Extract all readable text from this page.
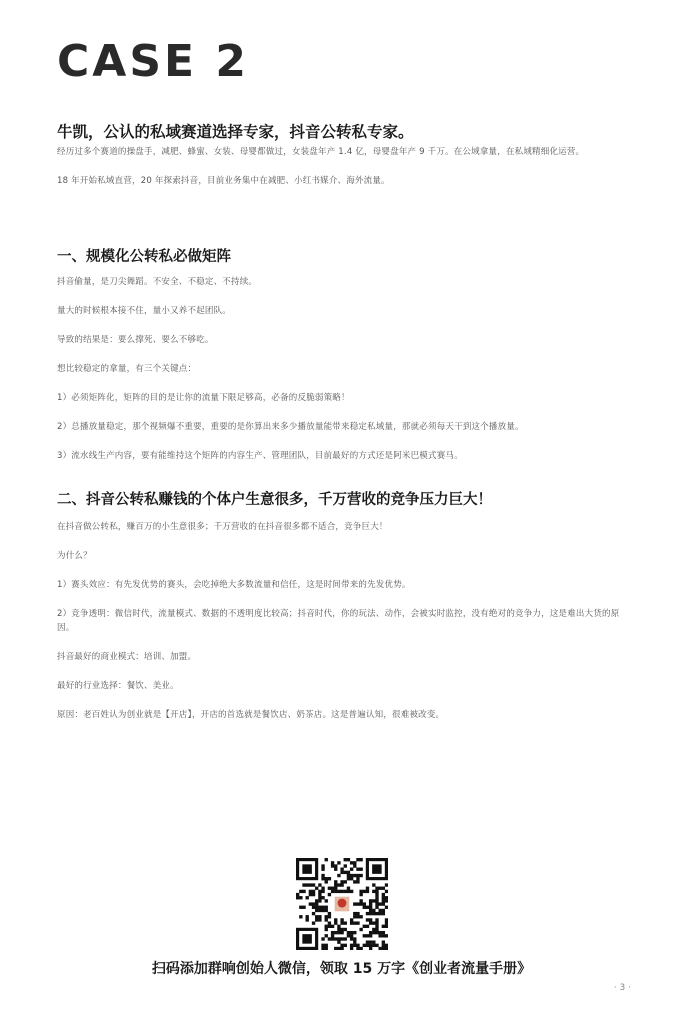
CASE 2
牛凯，公认的私域赛道选择专家，抖音公转私专家。

经历过多个赛道的操盘手，减肥、蜂蜜、女装、母婴都做过，女装盘年产 1.4 亿，母婴盘年产 9 千万。在公域拿量，在私域精细化运营。

18 年开始私域直营，20 年探索抖音，目前业务集中在减肥、小红书媒介、海外流量。

一、规模化公转私必做矩阵

抖音偷量，是刀尖舞蹈。不安全、不稳定、不持续。

量大的时候根本接不住，量小又养不起团队。

导致的结果是：要么撑死、要么不够吃。

想比较稳定的拿量，有三个关键点：

1）必须矩阵化，矩阵的目的是让你的流量下限足够高，必备的反脆弱策略！

2）总播放量稳定，那个视频爆不重要，重要的是你算出来多少播放量能带来稳定私域量，那就必须每天干到这个播放量。

3）流水线生产内容，要有能维持这个矩阵的内容生产、管理团队，目前最好的方式还是阿米巴模式赛马。

二、抖音公转私赚钱的个体户生意很多，千万营收的竞争压力巨大！

在抖音做公转私，赚百万的小生意很多；千万营收的在抖音很多都不适合，竞争巨大！

为什么？

1）赛头效应：有先发优势的赛头，会吃掉绝大多数流量和信任，这是时间带来的先发优势。

2）竞争透明：微信时代，流量模式、数据的不透明度比较高；抖音时代，你的玩法、动作，会被实时监控，没有绝对的竞争力，这是难出大货的原因。

抖音最好的商业模式：培训、加盟。

最好的行业选择：餐饮、美业。

原因：老百姓认为创业就是【开店】，开店的首选就是餐饮店、奶茶店。这是普遍认知，很难被改变。

扫码添加群响创始人微信，领取 15 万字《创业者流量手册》

· 3 ·
